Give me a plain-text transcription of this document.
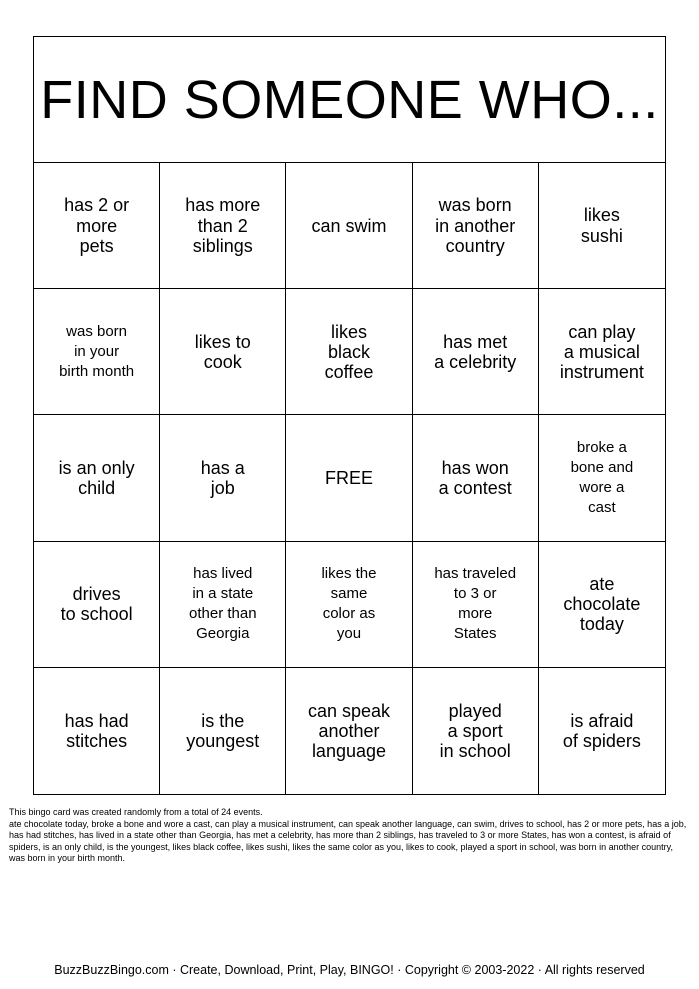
FIND SOMEONE WHO...
has 2 or
more
pets
has more
than 2
siblings
can swim
was born
in another
country
likes
sushi
was born
in your
birth month
likes to
cook
likes
black
coffee
has met
a celebrity
can play
a musical
instrument
is an only
child
has a
job
FREE
has won
a contest
broke a
bone and
wore a
cast
drives
to school
has lived
in a state
other than
Georgia
likes the
same
color as
you
has traveled
to 3 or
more
States
ate
chocolate
today
has had
stitches
is the
youngest
can speak
another
language
played
a sport
in school
is afraid
of spiders

This bingo card was created randomly from a total of 24 events.

ate chocolate today, broke a bone and wore a cast, can play a musical instrument, can speak another language, can swim, drives to school, has 2 or more pets, has a job, has had stitches, has lived in a state other than Georgia, has met a celebrity, has more than 2 siblings, has traveled to 3 or more States, has won a contest, is afraid of spiders, is an only child, is the youngest, likes black coffee, likes sushi, likes the same color as you, likes to cook, played a sport in school, was born in another country, was born in your birth month.

BuzzBuzzBingo.com · Create, Download, Print, Play, BINGO! · Copyright © 2003-2022 · All rights reserved
